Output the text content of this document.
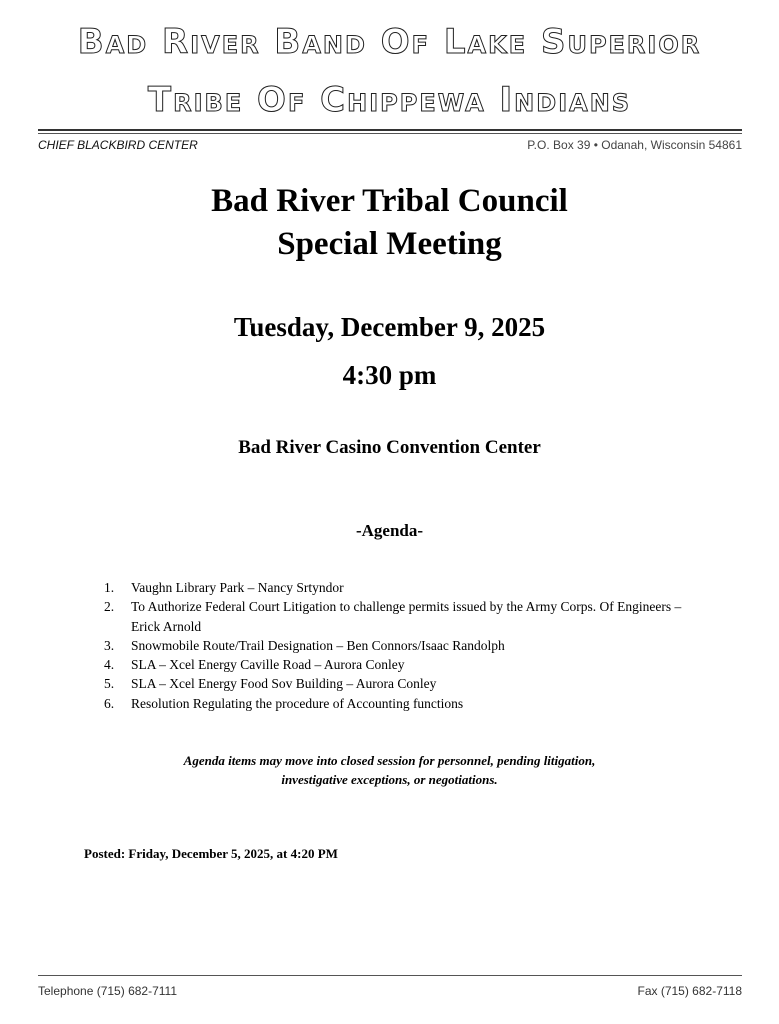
Bad River Band Of Lake Superior
Tribe Of Chippewa Indians
CHIEF BLACKBIRD CENTER	P.O. Box 39 • Odanah, Wisconsin 54861
Bad River Tribal Council
Special Meeting
Tuesday, December 9, 2025
4:30 pm
Bad River Casino Convention Center
-Agenda-
1.	Vaughn Library Park – Nancy Srtyndor
2.	To Authorize Federal Court Litigation to challenge permits issued by the Army Corps. Of Engineers – Erick Arnold
3.	Snowmobile Route/Trail Designation – Ben Connors/Isaac Randolph
4.	SLA – Xcel Energy Caville Road – Aurora Conley
5.	SLA – Xcel Energy Food Sov Building – Aurora Conley
6.	Resolution Regulating the procedure of Accounting functions
Agenda items may move into closed session for personnel, pending litigation,
investigative exceptions, or negotiations.
Posted: Friday, December 5, 2025, at 4:20 PM
Telephone (715) 682-7111	Fax (715) 682-7118
